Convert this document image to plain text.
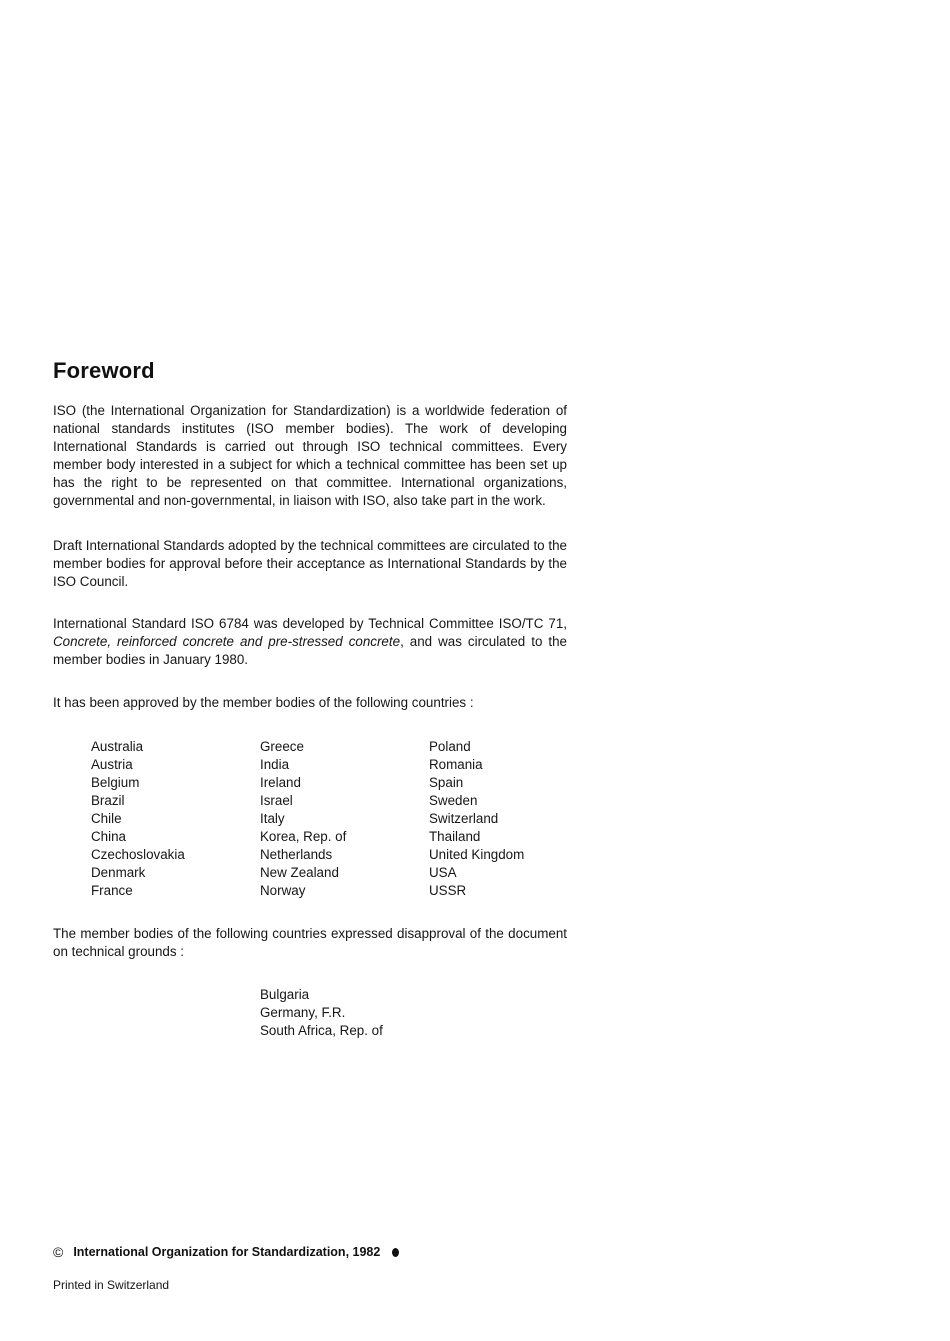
Foreword

ISO (the International Organization for Standardization) is a worldwide federation of national standards institutes (ISO member bodies). The work of developing International Standards is carried out through ISO technical committees. Every member body interested in a subject for which a technical committee has been set up has the right to be represented on that committee. International organizations, governmental and non-governmental, in liaison with ISO, also take part in the work.

Draft International Standards adopted by the technical committees are circulated to the member bodies for approval before their acceptance as International Standards by the ISO Council.

International Standard ISO 6784 was developed by Technical Committee ISO/TC 71, Concrete, reinforced concrete and pre-stressed concrete, and was circulated to the member bodies in January 1980.

It has been approved by the member bodies of the following countries :

Australia	Greece	Poland
Austria	India	Romania
Belgium	Ireland	Spain
Brazil	Israel	Sweden
Chile	Italy	Switzerland
China	Korea, Rep. of	Thailand
Czechoslovakia	Netherlands	United Kingdom
Denmark	New Zealand	USA
France	Norway	USSR

The member bodies of the following countries expressed disapproval of the document on technical grounds :

Bulgaria
Germany, F.R.
South Africa, Rep. of
© International Organization for Standardization, 1982
Printed in Switzerland
